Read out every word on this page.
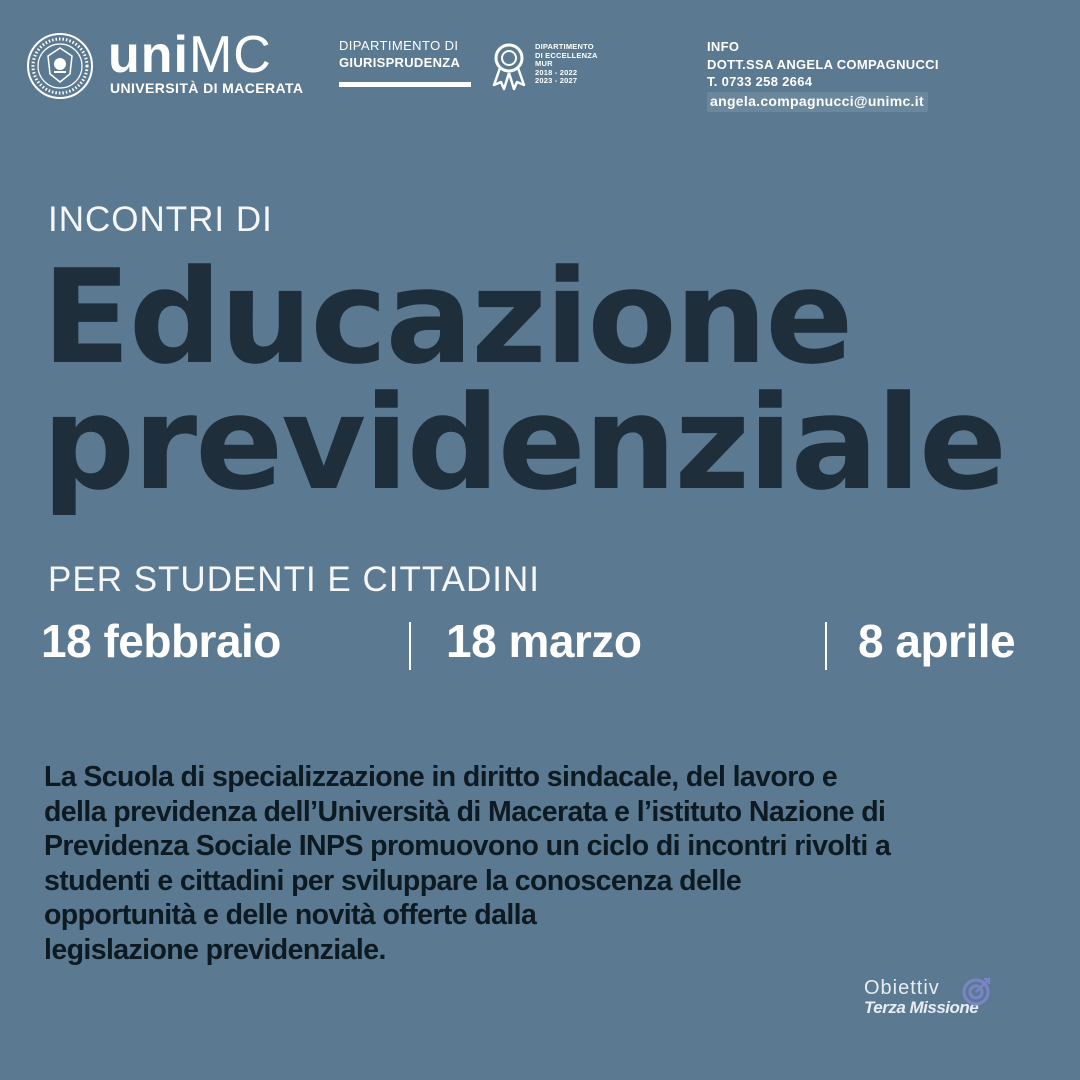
uniMC
UNIVERSITÀ DI MACERATA
DIPARTIMENTO DI
GIURISPRUDENZA
DIPARTIMENTO
DI ECCELLENZA
MUR
2018 - 2022
2023 - 2027
INFO
DOTT.SSA ANGELA COMPAGNUCCI
T. 0733 258 2664
angela.compagnucci@unimc.it
INCONTRI DI
Educazione
previdenziale
PER STUDENTI E CITTADINI
18 febbraio	18 marzo	8 aprile
La Scuola di specializzazione in diritto sindacale, del lavoro e
della previdenza dell’Università di Macerata e l’istituto Nazione di
Previdenza Sociale INPS promuovono un ciclo di incontri rivolti a
studenti e cittadini per sviluppare la conoscenza delle
opportunità e delle novità offerte dalla
legislazione previdenziale.
Obiettiv
Terza Missione
